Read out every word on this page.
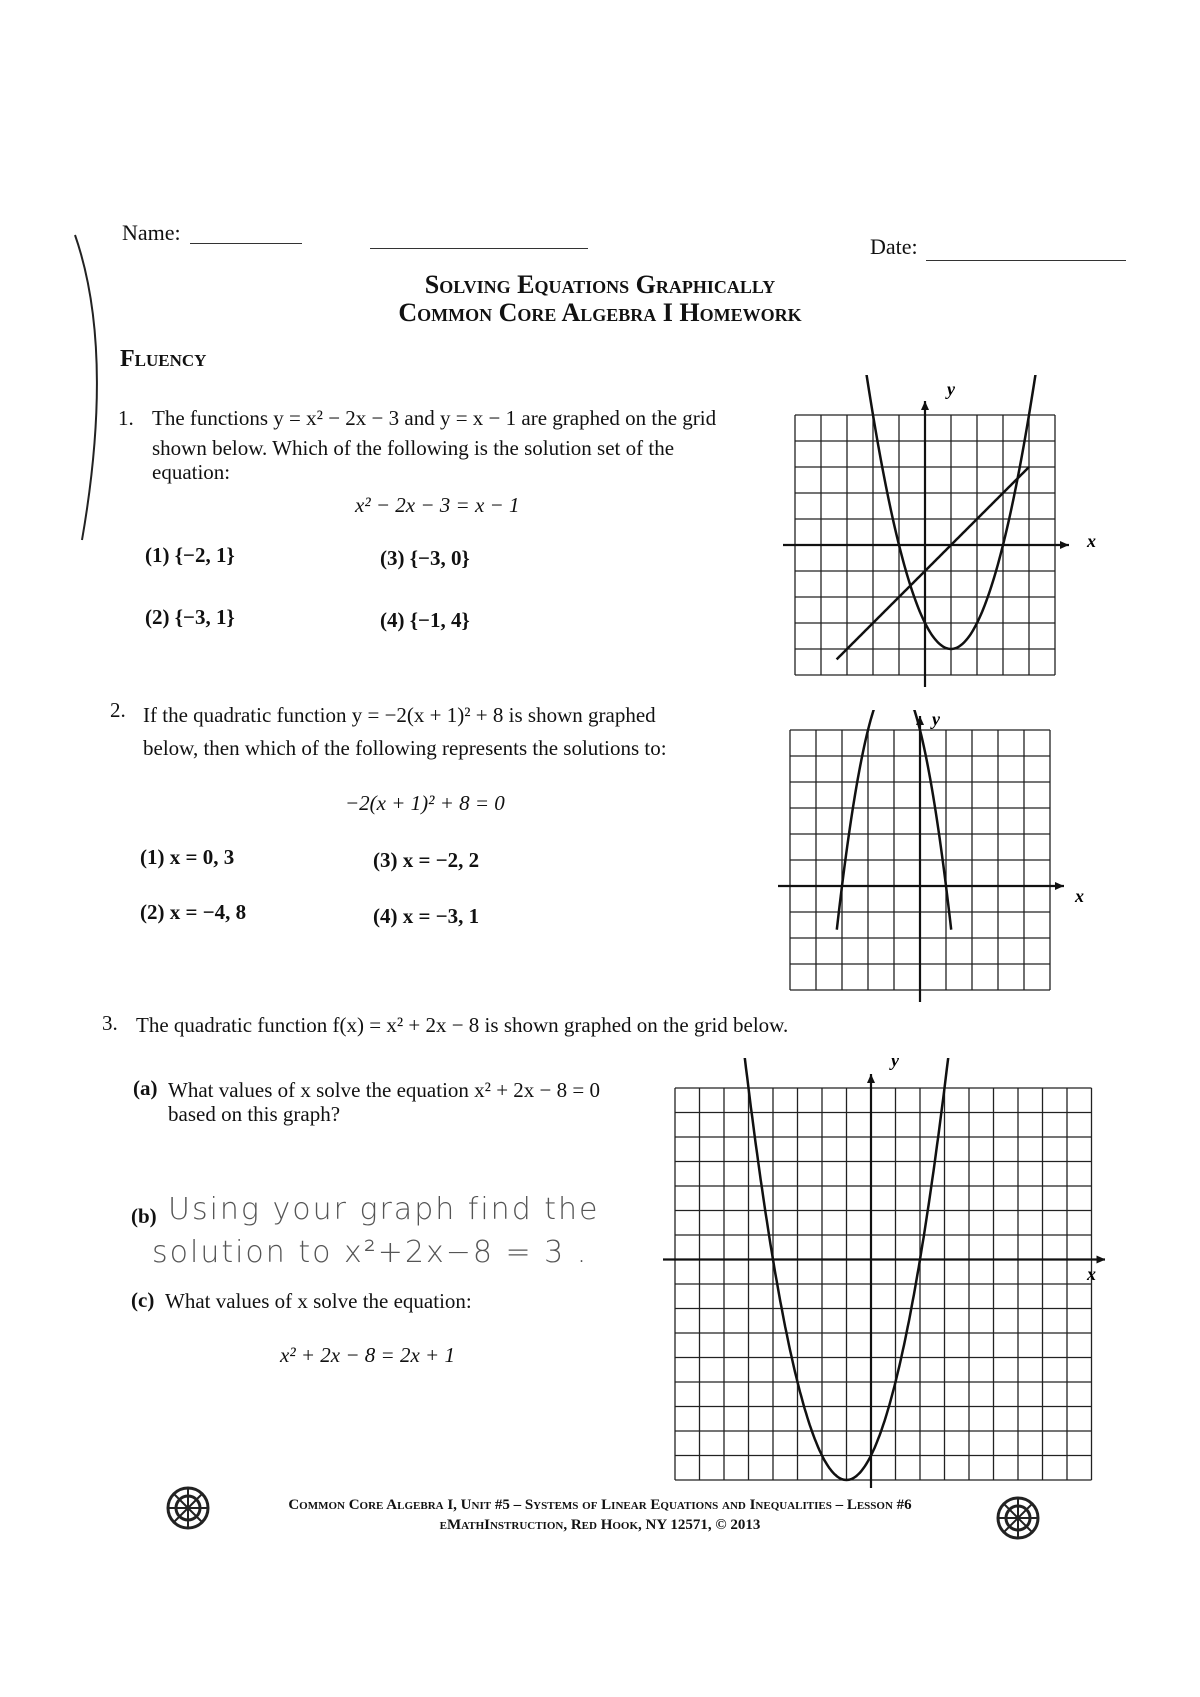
Name:
Date:
Solving Equations Graphically
Common Core Algebra I Homework
Fluency
1. The functions y = x² − 2x − 3 and y = x − 1 are graphed on the grid
shown below. Which of the following is the solution set of the
equation:
x² − 2x − 3 = x − 1
(1) {−2, 1}	(3) {−3, 0}
(2) {−3, 1}	(4) {−1, 4}
2. If the quadratic function y = −2(x + 1)² + 8 is shown graphed
below, then which of the following represents the solutions to:
−2(x + 1)² + 8 = 0
(1) x = 0, 3	(3) x = −2, 2
(2) x = −4, 8	(4) x = −3, 1
3. The quadratic function f(x) = x² + 2x − 8 is shown graphed on the grid below.
(a) What values of x solve the equation x² + 2x − 8 = 0
based on this graph?
(b) Using your graph find the
solution to x²+2x−8 = 3 .
(c) What values of x solve the equation:
x² + 2x − 8 = 2x + 1
x
y
x
y
x
y
Common Core Algebra I, Unit #5 – Systems of Linear Equations and Inequalities – Lesson #6
eMathInstruction, Red Hook, NY 12571, © 2013
